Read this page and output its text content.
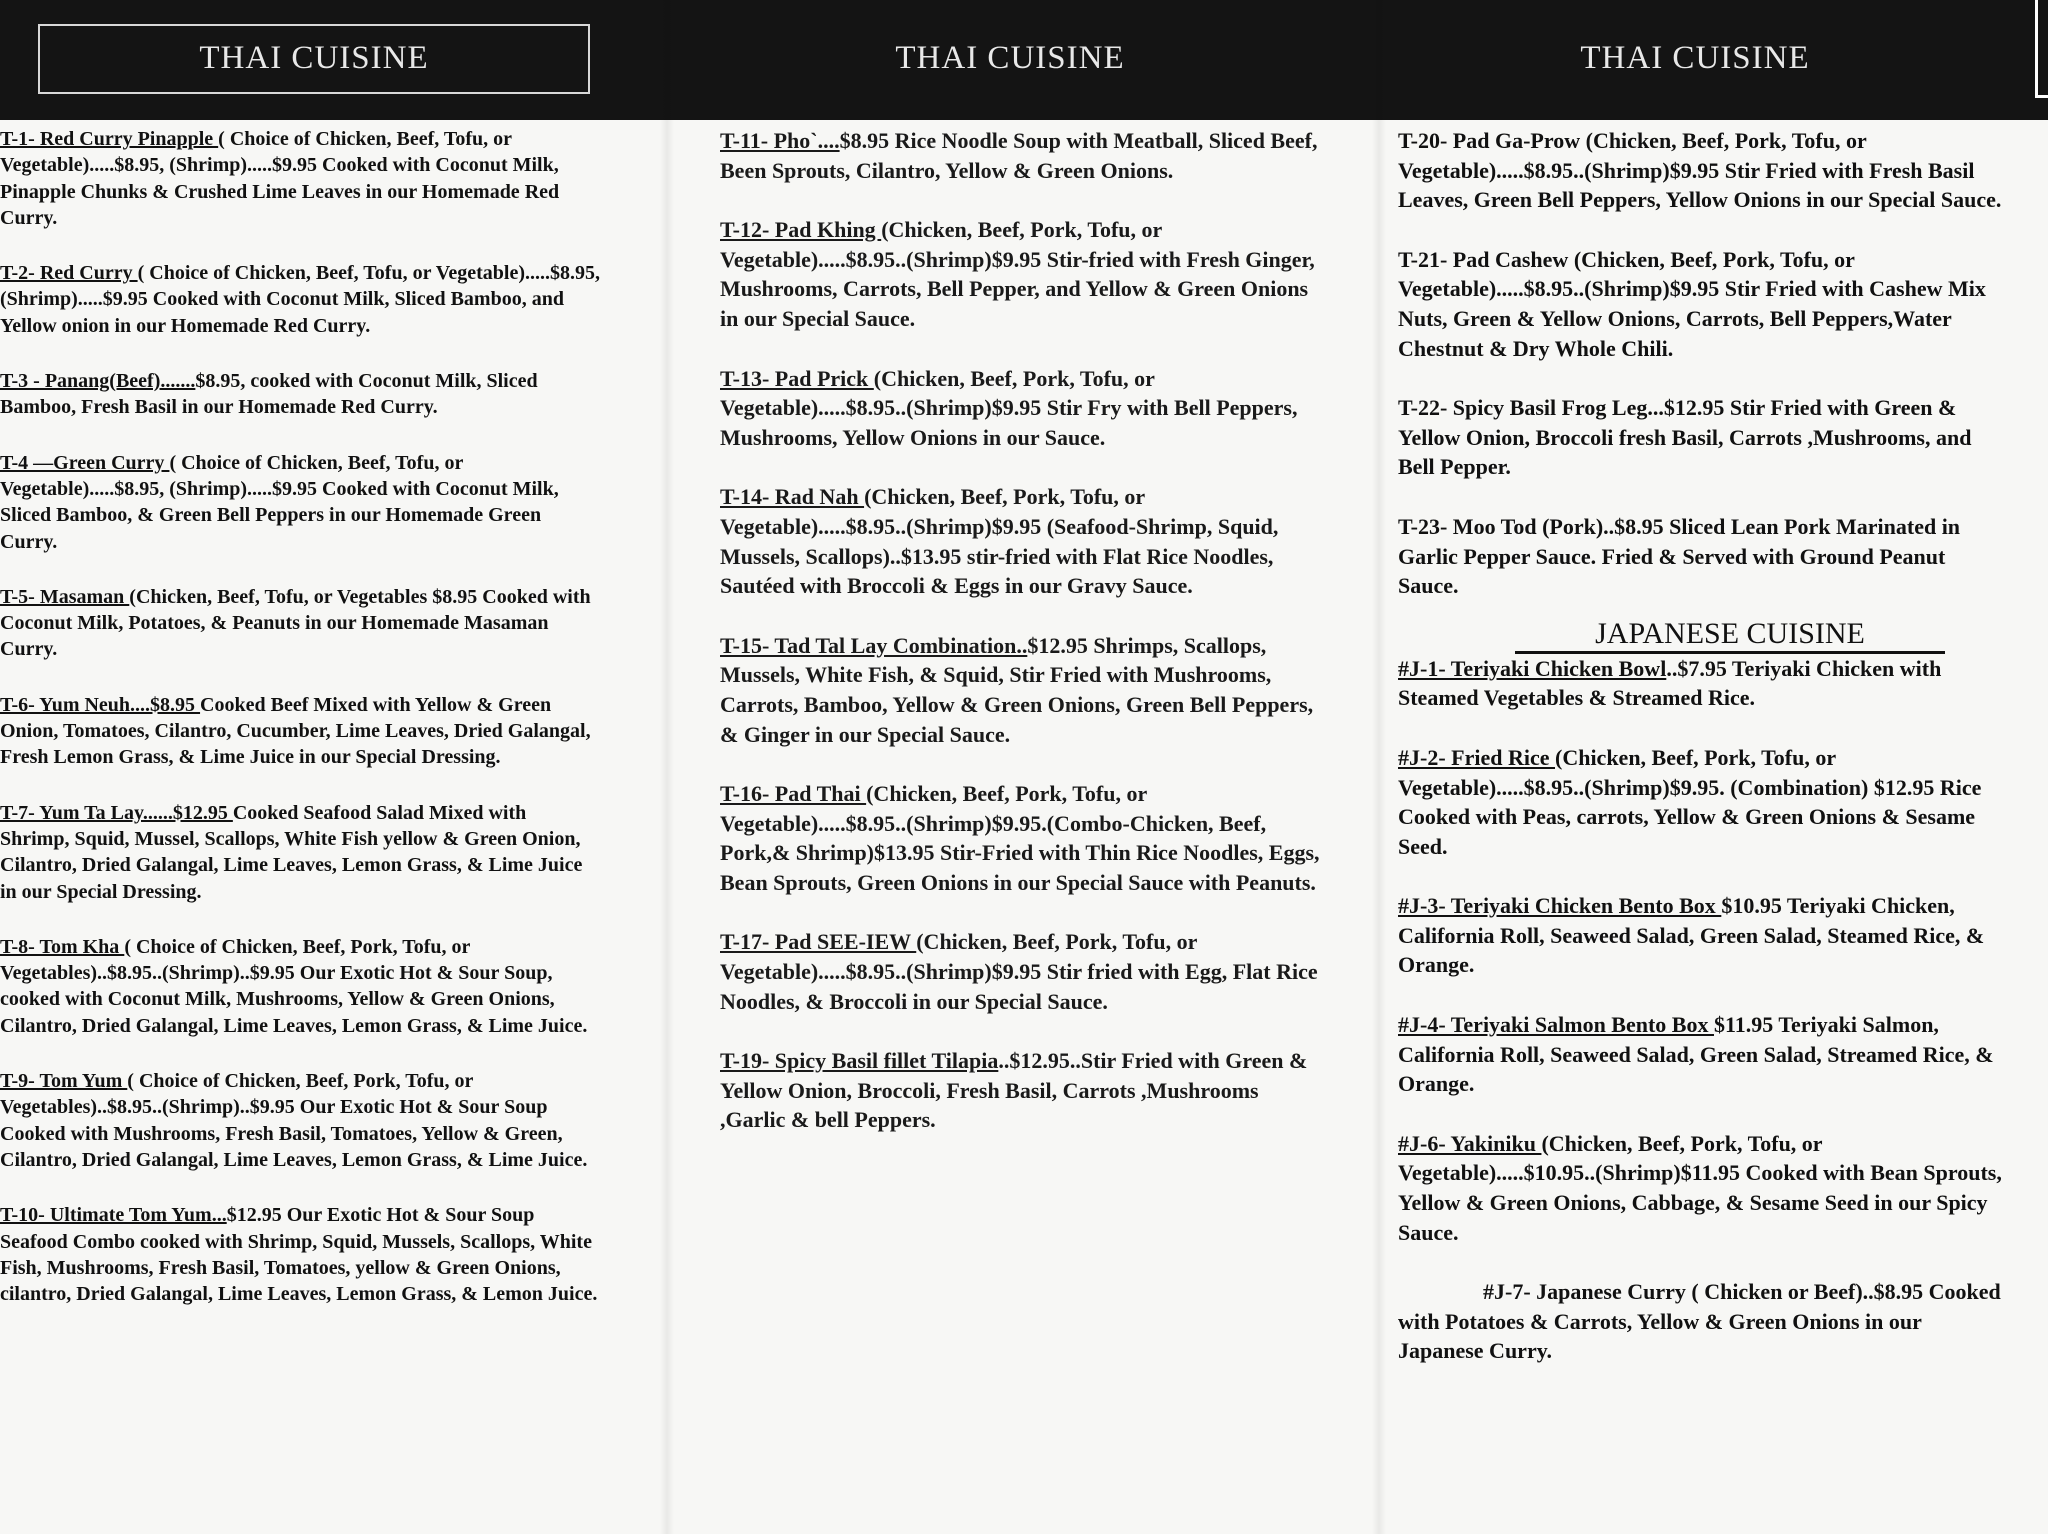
THAI CUISINE	THAI CUISINE	THAI CUISINE

T-1- Red Curry Pinapple ( Choice of Chicken, Beef, Tofu, or Vegetable).....$8.95, (Shrimp).....$9.95 Cooked with Coconut Milk, Pinapple Chunks & Crushed Lime Leaves in our Homemade Red Curry.

T-2- Red Curry ( Choice of Chicken, Beef, Tofu, or Vegetable).....$8.95, (Shrimp).....$9.95 Cooked with Coconut Milk, Sliced Bamboo, and Yellow onion in our Homemade Red Curry.

T-3 - Panang(Beef).......$8.95, cooked with Coconut Milk, Sliced Bamboo, Fresh Basil in our Homemade Red Curry.

T-4 —Green Curry ( Choice of Chicken, Beef, Tofu, or Vegetable).....$8.95, (Shrimp).....$9.95 Cooked with Coconut Milk, Sliced Bamboo, & Green Bell Peppers in our Homemade Green Curry.

T-5- Masaman (Chicken, Beef, Tofu, or Vegetables $8.95 Cooked with Coconut Milk, Potatoes, & Peanuts in our Homemade Masaman Curry.

T-6- Yum Neuh....$8.95 Cooked Beef Mixed with Yellow & Green Onion, Tomatoes, Cilantro, Cucumber, Lime Leaves, Dried Galangal, Fresh Lemon Grass, & Lime Juice in our Special Dressing.

T-7- Yum Ta Lay......$12.95 Cooked Seafood Salad Mixed with Shrimp, Squid, Mussel, Scallops, White Fish yellow & Green Onion, Cilantro, Dried Galangal, Lime Leaves, Lemon Grass, & Lime Juice in our Special Dressing.

T-8- Tom Kha ( Choice of Chicken, Beef, Pork, Tofu, or Vegetables)..$8.95..(Shrimp)..$9.95 Our Exotic Hot & Sour Soup, cooked with Coconut Milk, Mushrooms, Yellow & Green Onions, Cilantro, Dried Galangal, Lime Leaves, Lemon Grass, & Lime Juice.

T-9- Tom Yum ( Choice of Chicken, Beef, Pork, Tofu, or Vegetables)..$8.95..(Shrimp)..$9.95 Our Exotic Hot & Sour Soup Cooked with Mushrooms, Fresh Basil, Tomatoes, Yellow & Green, Cilantro, Dried Galangal, Lime Leaves, Lemon Grass, & Lime Juice.

T-10- Ultimate Tom Yum...$12.95 Our Exotic Hot & Sour Soup Seafood Combo cooked with Shrimp, Squid, Mussels, Scallops, White Fish, Mushrooms, Fresh Basil, Tomatoes, yellow & Green Onions, cilantro, Dried Galangal, Lime Leaves, Lemon Grass, & Lemon Juice.

T-11- Pho`....$8.95 Rice Noodle Soup with Meatball, Sliced Beef, Been Sprouts, Cilantro, Yellow & Green Onions.

T-12- Pad Khing (Chicken, Beef, Pork, Tofu, or Vegetable).....$8.95..(Shrimp)$9.95 Stir-fried with Fresh Ginger, Mushrooms, Carrots, Bell Pepper, and Yellow & Green Onions in our Special Sauce.

T-13- Pad Prick (Chicken, Beef, Pork, Tofu, or Vegetable).....$8.95..(Shrimp)$9.95 Stir Fry with Bell Peppers, Mushrooms, Yellow Onions in our Sauce.

T-14- Rad Nah (Chicken, Beef, Pork, Tofu, or Vegetable).....$8.95..(Shrimp)$9.95 (Seafood-Shrimp, Squid, Mussels, Scallops)..$13.95 stir-fried with Flat Rice Noodles, Sautéed with Broccoli & Eggs in our Gravy Sauce.

T-15- Tad Tal Lay Combination..$12.95 Shrimps, Scallops, Mussels, White Fish, & Squid, Stir Fried with Mushrooms, Carrots, Bamboo, Yellow & Green Onions, Green Bell Peppers, & Ginger in our Special Sauce.

T-16- Pad Thai (Chicken, Beef, Pork, Tofu, or Vegetable).....$8.95..(Shrimp)$9.95.(Combo-Chicken, Beef, Pork,& Shrimp)$13.95 Stir-Fried with Thin Rice Noodles, Eggs, Bean Sprouts, Green Onions in our Special Sauce with Peanuts.

T-17- Pad SEE-IEW (Chicken, Beef, Pork, Tofu, or Vegetable).....$8.95..(Shrimp)$9.95 Stir fried with Egg, Flat Rice Noodles, & Broccoli in our Special Sauce.

T-19- Spicy Basil fillet Tilapia..$12.95..Stir Fried with Green & Yellow Onion, Broccoli, Fresh Basil, Carrots ,Mushrooms ,Garlic & bell Peppers.

T-20- Pad Ga-Prow (Chicken, Beef, Pork, Tofu, or Vegetable).....$8.95..(Shrimp)$9.95 Stir Fried with Fresh Basil Leaves, Green Bell Peppers, Yellow Onions in our Special Sauce.

T-21- Pad Cashew (Chicken, Beef, Pork, Tofu, or Vegetable).....$8.95..(Shrimp)$9.95 Stir Fried with Cashew Mix Nuts, Green & Yellow Onions, Carrots, Bell Peppers,Water Chestnut & Dry Whole Chili.

T-22- Spicy Basil Frog Leg...$12.95 Stir Fried with Green & Yellow Onion, Broccoli fresh Basil, Carrots ,Mushrooms, and Bell Pepper.

T-23- Moo Tod (Pork)..$8.95 Sliced Lean Pork Marinated in Garlic Pepper Sauce. Fried & Served with Ground Peanut Sauce.

JAPANESE CUISINE

#J-1- Teriyaki Chicken Bowl..$7.95 Teriyaki Chicken with Steamed Vegetables & Streamed Rice.

#J-2- Fried Rice (Chicken, Beef, Pork, Tofu, or Vegetable).....$8.95..(Shrimp)$9.95. (Combination) $12.95 Rice Cooked with Peas, carrots, Yellow & Green Onions & Sesame Seed.

#J-3- Teriyaki Chicken Bento Box $10.95 Teriyaki Chicken, California Roll, Seaweed Salad, Green Salad, Steamed Rice, & Orange.

#J-4- Teriyaki Salmon Bento Box $11.95 Teriyaki Salmon, California Roll, Seaweed Salad, Green Salad, Streamed Rice, & Orange.

#J-6- Yakiniku (Chicken, Beef, Pork, Tofu, or Vegetable).....$10.95..(Shrimp)$11.95 Cooked with Bean Sprouts, Yellow & Green Onions, Cabbage, & Sesame Seed in our Spicy Sauce.

#J-7- Japanese Curry ( Chicken or Beef)..$8.95 Cooked with Potatoes & Carrots, Yellow & Green Onions in our Japanese Curry.
